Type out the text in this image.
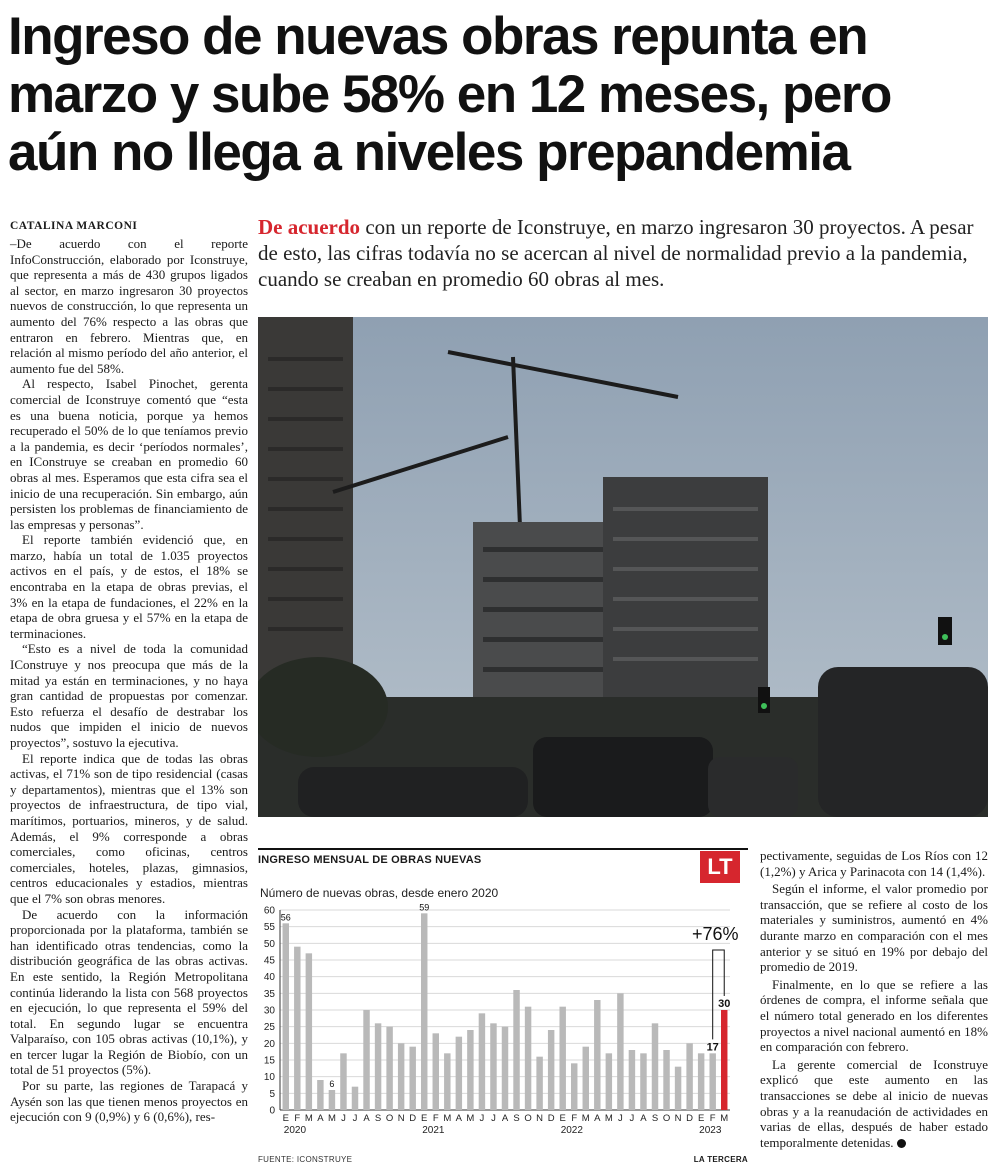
Ingreso de nuevas obras repunta en marzo y sube 58% en 12 meses, pero aún no llega a niveles prepandemia
CATALINA MARCONI	De acuerdo con un reporte de Iconstruye, en marzo ingresaron 30 proyectos. A pesar de esto, las cifras todavía no se acercan al nivel de normalidad previo a la pandemia, cuando se creaban en promedio 60 obras al mes.

–De acuerdo con el reporte InfoConstrucción, elaborado por Iconstruye, que representa a más de 430 grupos ligados al sector, en marzo ingresaron 30 proyectos nuevos de construcción, lo que representa un aumento del 76% respecto a las obras que entraron en febrero. Mientras que, en relación al mismo período del año anterior, el aumento fue del 58%.

Al respecto, Isabel Pinochet, gerenta comercial de Iconstruye comentó que “esta es una buena noticia, porque ya hemos recuperado el 50% de lo que teníamos previo a la pandemia, es decir ‘períodos normales’, en IConstruye se creaban en promedio 60 obras al mes. Esperamos que esta cifra sea el inicio de una recuperación. Sin embargo, aún persisten los problemas de financiamiento de las empresas y personas”.

El reporte también evidenció que, en marzo, había un total de 1.035 proyectos activos en el país, y de estos, el 18% se encontraba en la etapa de obras previas, el 3% en la etapa de fundaciones, el 22% en la etapa de obra gruesa y el 57% en la etapa de terminaciones.

“Esto es a nivel de toda la comunidad IConstruye y nos preocupa que más de la mitad ya están en terminaciones, y no haya gran cantidad de propuestas por comenzar. Esto refuerza el desafío de destrabar los nudos que impiden el inicio de nuevos proyectos”, sostuvo la ejecutiva.

El reporte indica que de todas las obras activas, el 71% son de tipo residencial (casas y departamentos), mientras que el 13% son proyectos de infraestructura, de tipo vial, marítimos, portuarios, mineros, y de salud. Además, el 9% corresponde a obras comerciales, como oficinas, centros comerciales, hoteles, plazas, gimnasios, centros educacionales y estadios, mientras que el 7% son obras menores.

De acuerdo con la información proporcionada por la plataforma, también se han identificado otras tendencias, como la distribución geográfica de las obras activas. En este sentido, la Región Metropolitana continúa liderando la lista con 568 proyectos en ejecución, lo que representa el 59% del total. En segundo lugar se encuentra Valparaíso, con 105 obras activas (10,1%), y en tercer lugar la Región de Biobío, con un total de 51 proyectos (5%).

Por su parte, las regiones de Tarapacá y Aysén son las que tienen menos proyectos en ejecución con 9 (0,9%) y 6 (0,6%), res-

INGRESO MENSUAL DE OBRAS NUEVAS	LT
Número de nuevas obras, desde enero 2020
0
5
10
15
20
25
30
35
40
45
50
55
60
E F M A M J J A S O N D E F M A M J J A S O N D E F M A M J J A S O N D E F M
2020	2021	2022	2023
56
6
59
17
30
+76%
FUENTE: ICONSTRUYE	LA TERCERA

pectivamente, seguidas de Los Ríos con 12 (1,2%) y Arica y Parinacota con 14 (1,4%).

Según el informe, el valor promedio por transacción, que se refiere al costo de los materiales y suministros, aumentó en 4% durante marzo en comparación con el mes anterior y se situó en 19% por debajo del promedio de 2019.

Finalmente, en lo que se refiere a las órdenes de compra, el informe señala que el número total generado en los diferentes proyectos a nivel nacional aumentó en 18% en comparación con febrero.

La gerente comercial de Iconstruye explicó que este aumento en las transacciones se debe al inicio de nuevas obras y a la reanudación de actividades en varias de ellas, después de haber estado temporalmente detenidas. P
